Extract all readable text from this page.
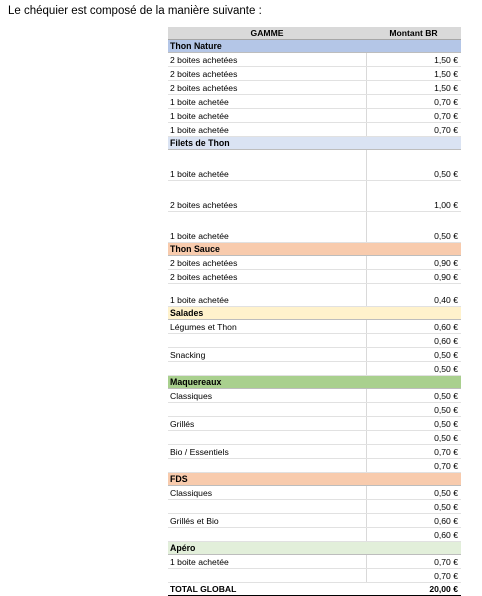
Le chéquier est composé de la manière suivante :
GAMME	Montant BR
Thon Nature	
2 boites achetées	1,50 €
2 boites achetées	1,50 €
2 boites achetées	1,50 €
1 boite achetée	0,70 €
1 boite achetée	0,70 €
1 boite achetée	0,70 €
Filets de Thon	
1 boite achetée	0,50 €
2 boites achetées	1,00 €
1 boite achetée	0,50 €
Thon Sauce	
2 boites achetées	0,90 €
2 boites achetées	0,90 €
1 boite achetée	0,40 €
Salades	
Légumes et Thon	0,60 €
	0,60 €
Snacking	0,50 €
	0,50 €
Maquereaux	
Classiques	0,50 €
	0,50 €
Grillés	0,50 €
	0,50 €
Bio / Essentiels	0,70 €
	0,70 €
FDS	
Classiques	0,50 €
	0,50 €
Grillés et Bio	0,60 €
	0,60 €
Apéro	
1 boite achetée	0,70 €
	0,70 €
TOTAL GLOBAL	20,00 €
